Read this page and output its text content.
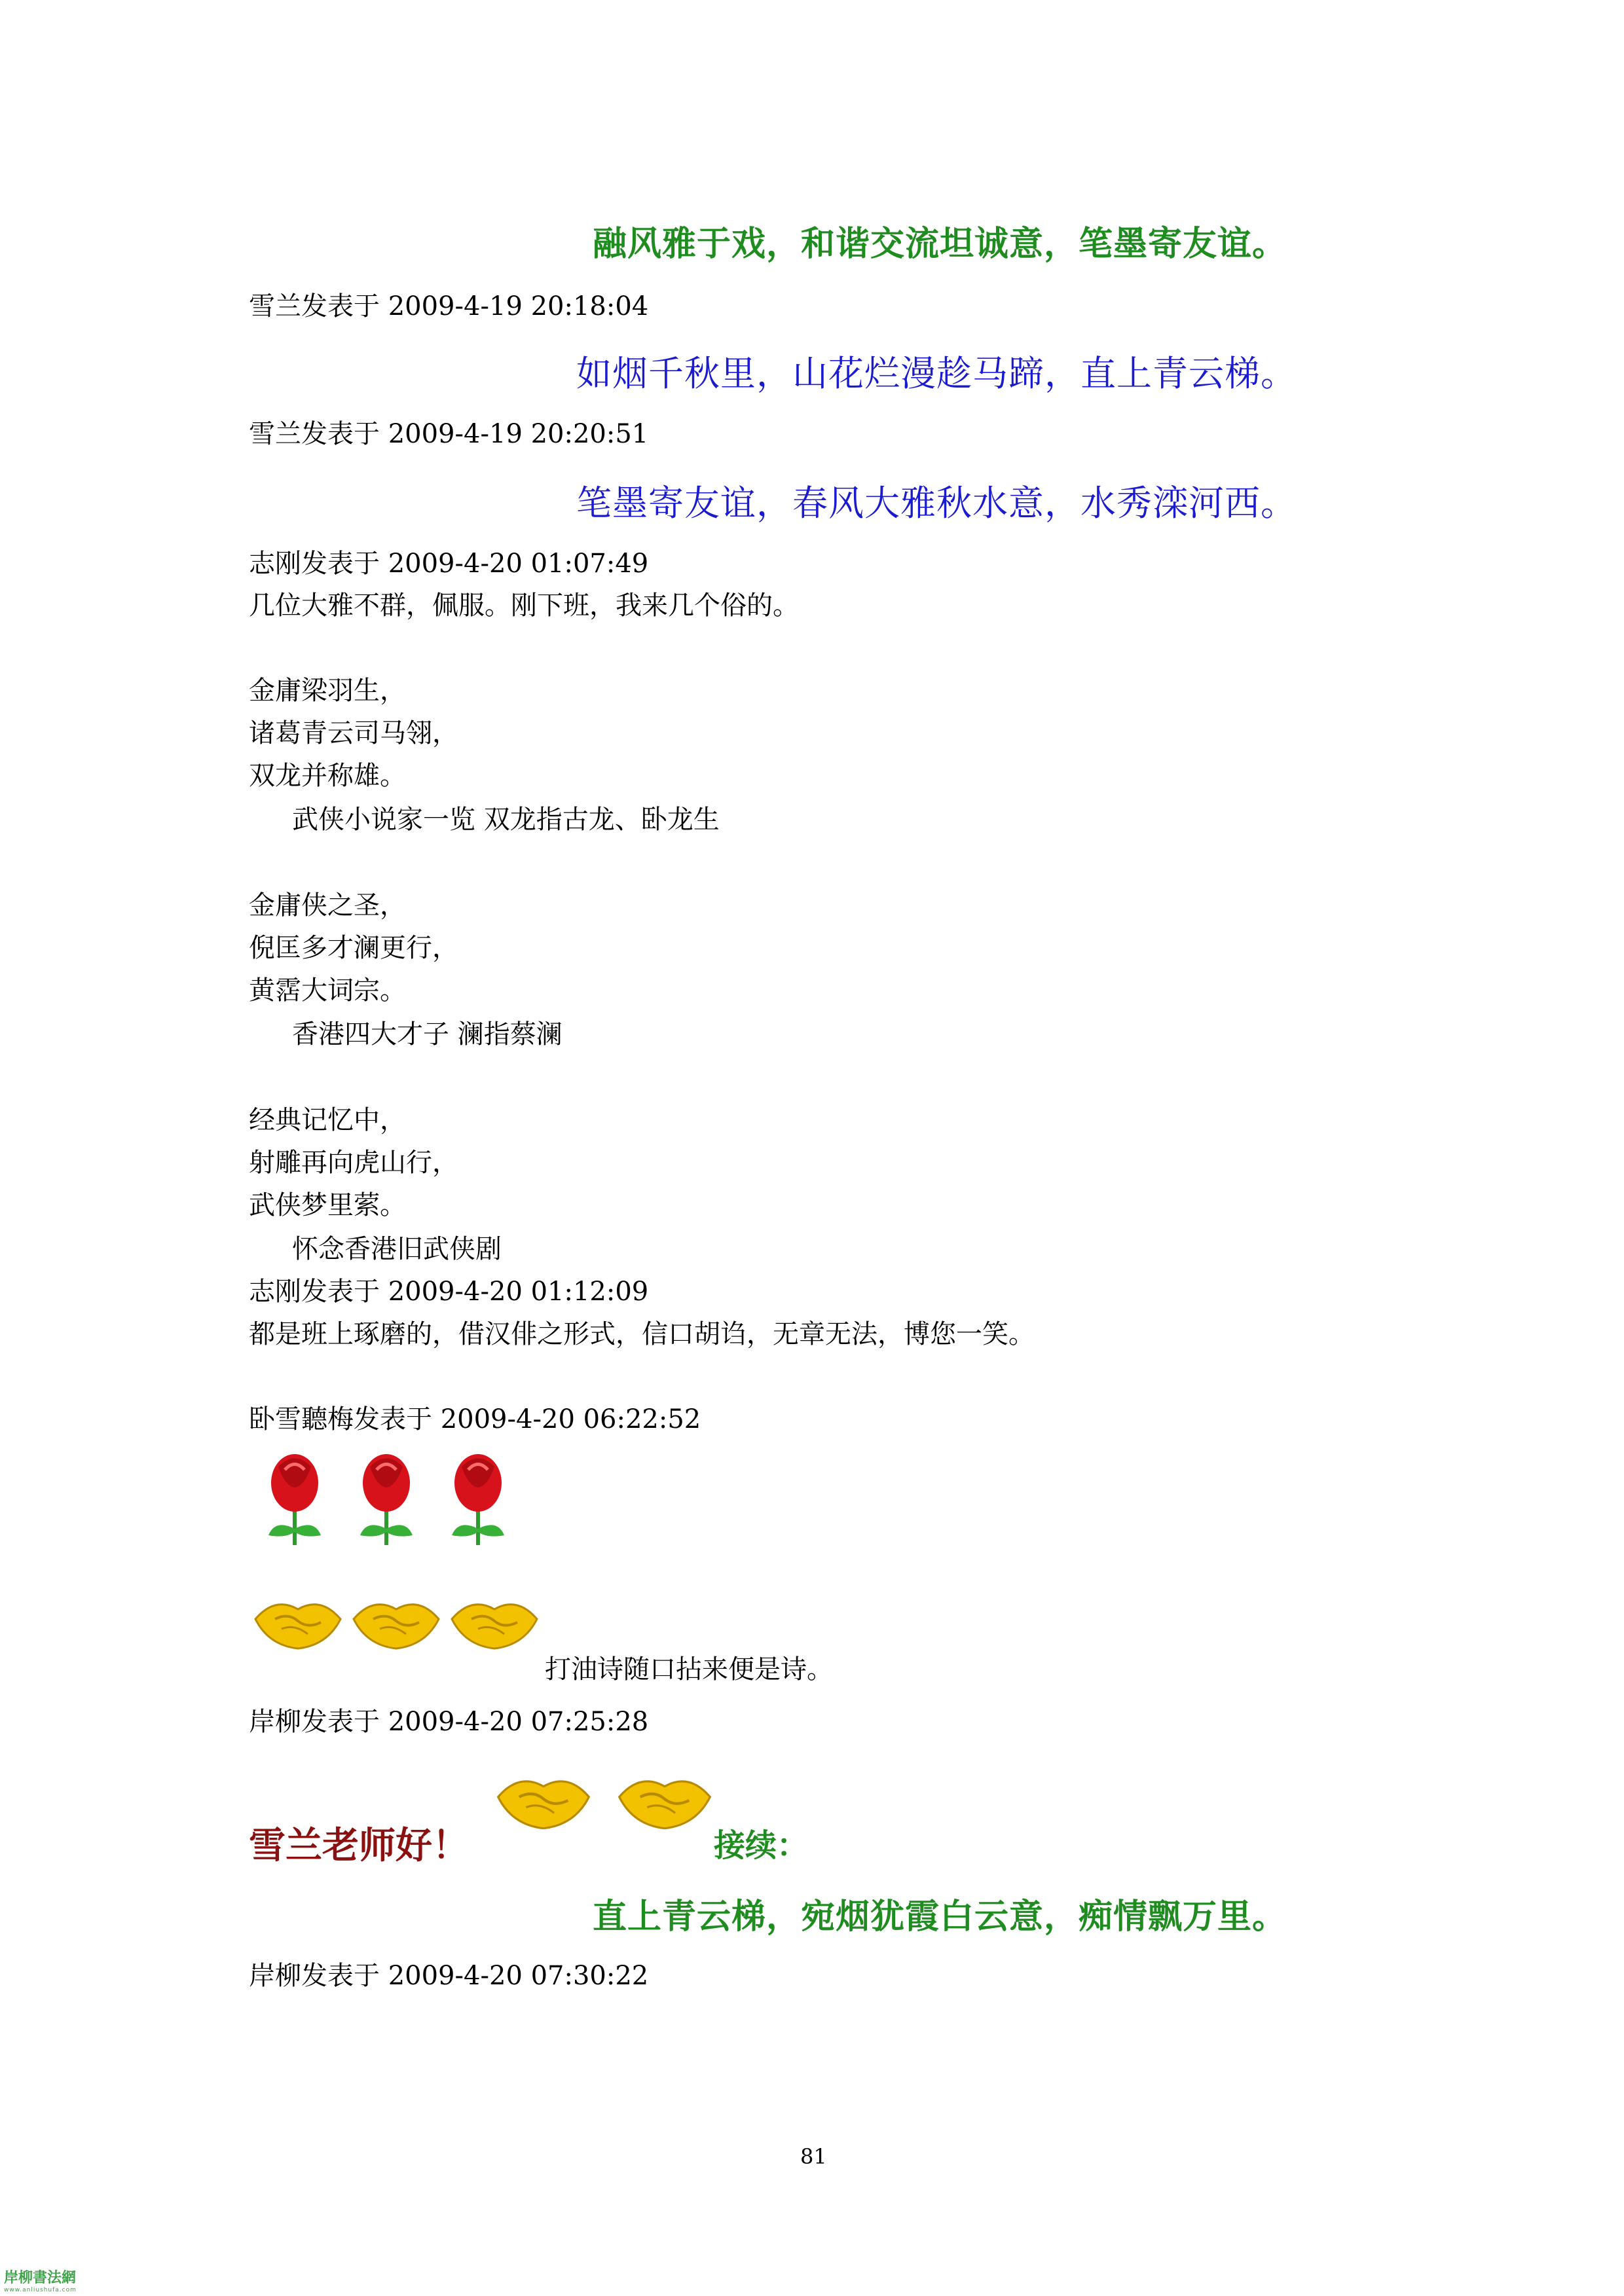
融风雅于戏，和谐交流坦诚意，笔墨寄友谊。
雪兰发表于 2009-4-19 20:18:04
如烟千秋里，山花烂漫趁马蹄，直上青云梯。
雪兰发表于 2009-4-19 20:20:51
笔墨寄友谊，春风大雅秋水意，水秀滦河西。
志刚发表于 2009-4-20 01:07:49
几位大雅不群，佩服。刚下班，我来几个俗的。
金庸梁羽生，
诸葛青云司马翎，
双龙并称雄。
武侠小说家一览 双龙指古龙、卧龙生
金庸侠之圣，
倪匡多才澜更行，
黄霑大词宗。
香港四大才子 澜指蔡澜
经典记忆中，
射雕再向虎山行，
武侠梦里萦。
怀念香港旧武侠剧
志刚发表于 2009-4-20 01:12:09
都是班上琢磨的，借汉俳之形式，信口胡诌，无章无法，博您一笑。
卧雪聽梅发表于 2009-4-20 06:22:52
打油诗随口拈来便是诗。
岸柳发表于 2009-4-20 07:25:28
雪兰老师好！	接续：
直上青云梯，宛烟犹霞白云意，痴情飘万里。
岸柳发表于 2009-4-20 07:30:22
81
岸柳書法網
www.anliushufa.com
